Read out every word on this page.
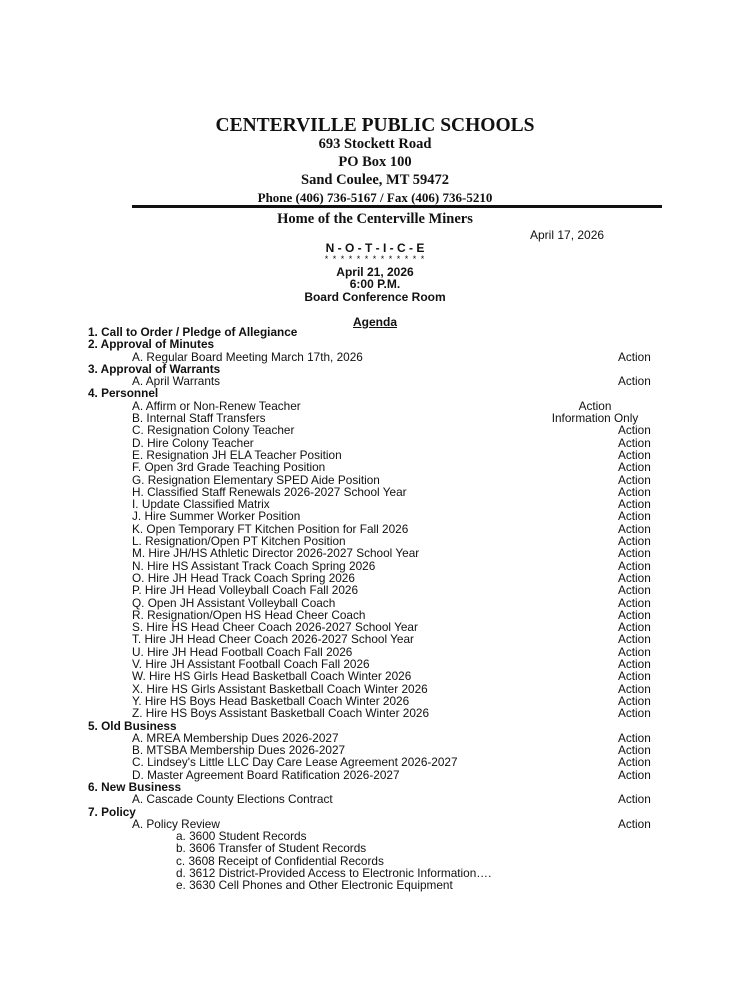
CENTERVILLE PUBLIC SCHOOLS
693 Stockett Road
PO Box 100
Sand Coulee, MT 59472
Phone (406) 736-5167 / Fax (406) 736-5210
Home of the Centerville Miners
April 17, 2026
N - O - T - I - C - E
* * * * * * * * * * * * *
April 21, 2026
6:00 P.M.
Board Conference Room
Agenda
1. Call to Order / Pledge of Allegiance
2. Approval of Minutes
A. Regular Board Meeting March 17th, 2026	Action
3. Approval of Warrants
A. April Warrants	Action
4. Personnel
A. Affirm or Non-Renew Teacher	Action
B. Internal Staff Transfers	Information Only
C. Resignation Colony Teacher	Action
D. Hire Colony Teacher	Action
E. Resignation JH ELA Teacher Position	Action
F. Open 3rd Grade Teaching Position	Action
G. Resignation Elementary SPED Aide Position	Action
H. Classified Staff Renewals 2026-2027 School Year	Action
I. Update Classified Matrix	Action
J. Hire Summer Worker Position	Action
K. Open Temporary FT Kitchen Position for Fall 2026	Action
L. Resignation/Open PT Kitchen Position	Action
M. Hire JH/HS Athletic Director 2026-2027 School Year	Action
N. Hire HS Assistant Track Coach Spring 2026	Action
O. Hire JH Head Track Coach Spring 2026	Action
P. Hire JH Head Volleyball Coach Fall 2026	Action
Q. Open JH Assistant Volleyball Coach	Action
R. Resignation/Open HS Head Cheer Coach	Action
S. Hire HS Head Cheer Coach 2026-2027 School Year	Action
T. Hire JH Head Cheer Coach 2026-2027 School Year	Action
U. Hire JH Head Football Coach Fall 2026	Action
V. Hire JH Assistant Football Coach Fall 2026	Action
W. Hire HS Girls Head Basketball Coach Winter 2026	Action
X. Hire HS Girls Assistant Basketball Coach Winter 2026	Action
Y. Hire HS Boys Head Basketball Coach Winter 2026	Action
Z. Hire HS Boys Assistant Basketball Coach Winter 2026	Action
5. Old Business
A. MREA Membership Dues 2026-2027	Action
B. MTSBA Membership Dues 2026-2027	Action
C. Lindsey's Little LLC Day Care Lease Agreement 2026-2027	Action
D. Master Agreement Board Ratification 2026-2027	Action
6. New Business
A. Cascade County Elections Contract	Action
7. Policy
A. Policy Review	Action
a. 3600 Student Records
b. 3606 Transfer of Student Records
c. 3608 Receipt of Confidential Records
d. 3612 District-Provided Access to Electronic Information….
e. 3630 Cell Phones and Other Electronic Equipment
